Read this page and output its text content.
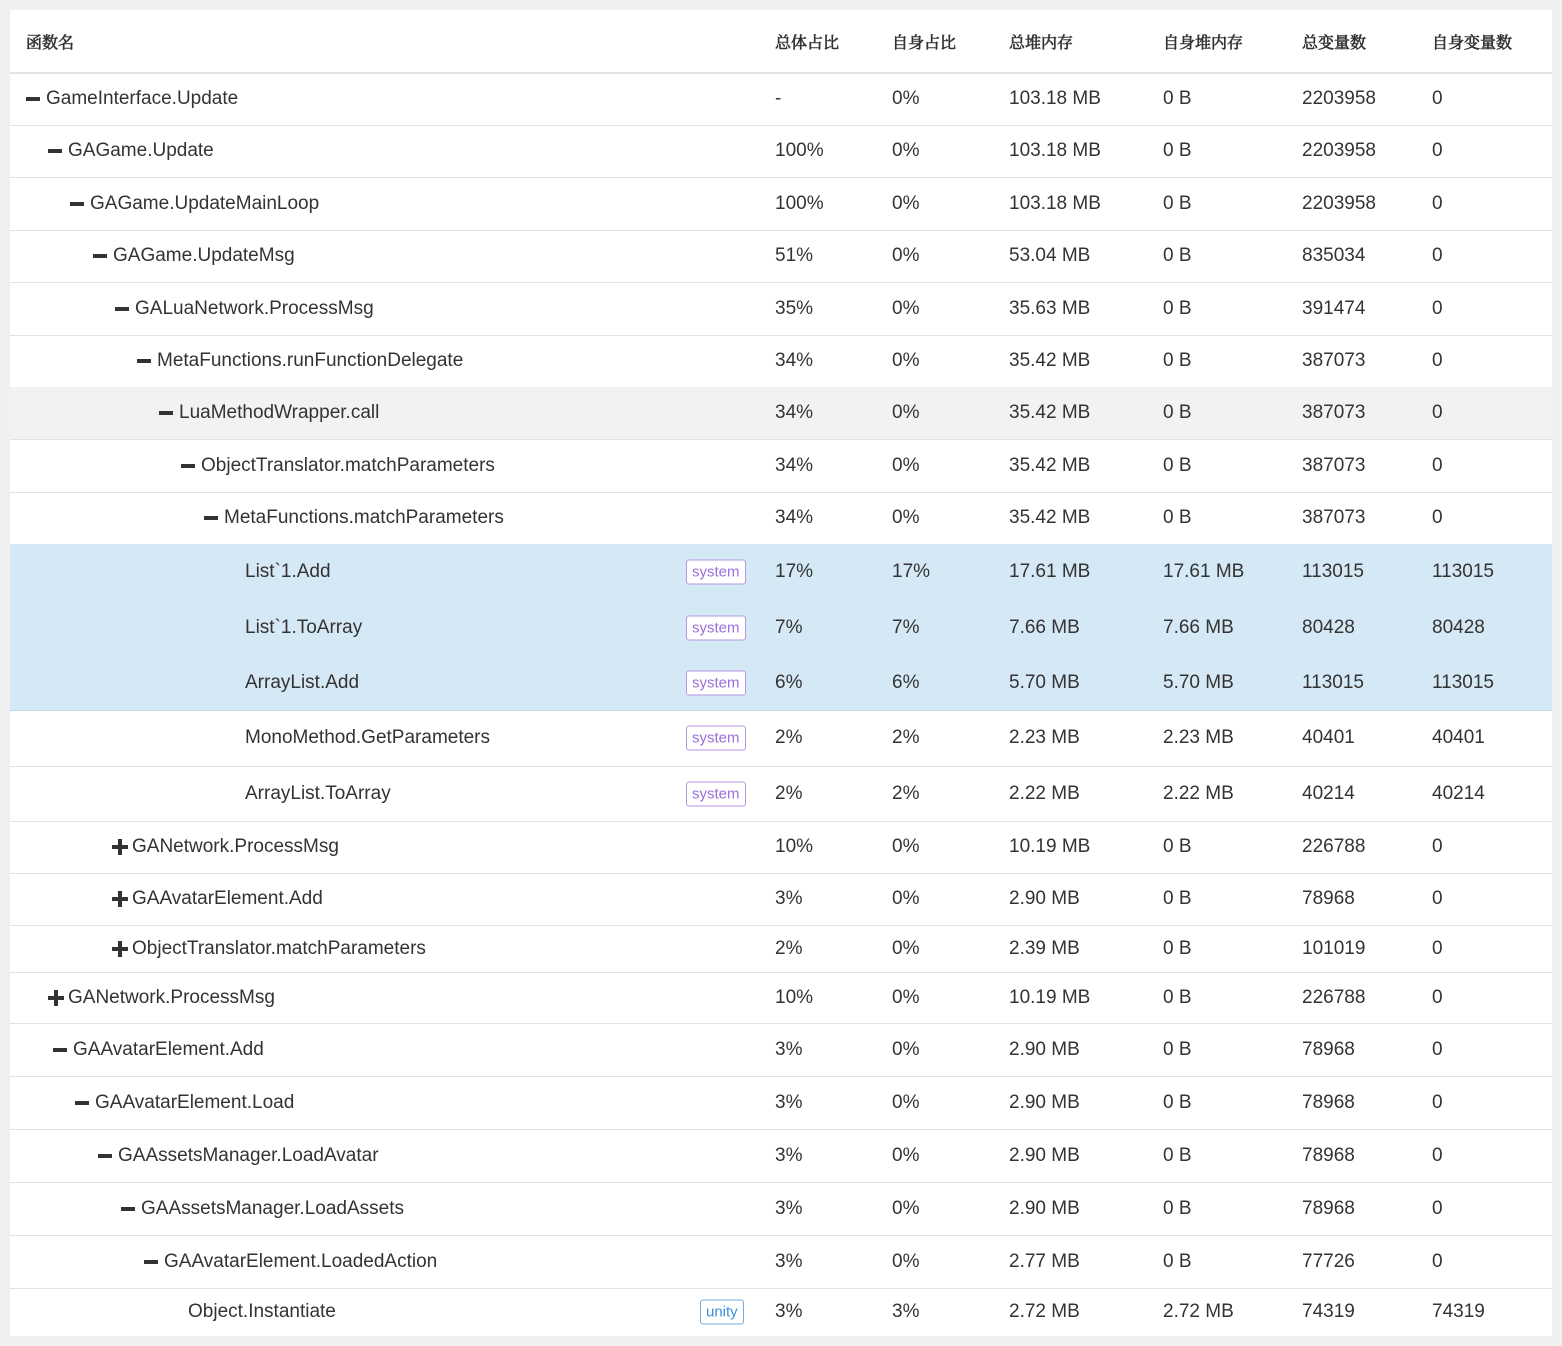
函数名	总体占比	自身占比	总堆内存	自身堆内存	总变量数	自身变量数
GameInterface.Update	-	0%	103.18 MB	0 B	2203958	0
GAGame.Update	100%	0%	103.18 MB	0 B	2203958	0
GAGame.UpdateMainLoop	100%	0%	103.18 MB	0 B	2203958	0
GAGame.UpdateMsg	51%	0%	53.04 MB	0 B	835034	0
GALuaNetwork.ProcessMsg	35%	0%	35.63 MB	0 B	391474	0
MetaFunctions.runFunctionDelegate	34%	0%	35.42 MB	0 B	387073	0
LuaMethodWrapper.call	34%	0%	35.42 MB	0 B	387073	0
ObjectTranslator.matchParameters	34%	0%	35.42 MB	0 B	387073	0
MetaFunctions.matchParameters	34%	0%	35.42 MB	0 B	387073	0
List`1.Add	system	17%	17%	17.61 MB	17.61 MB	113015	113015
List`1.ToArray	system	7%	7%	7.66 MB	7.66 MB	80428	80428
ArrayList.Add	system	6%	6%	5.70 MB	5.70 MB	113015	113015
MonoMethod.GetParameters	system	2%	2%	2.23 MB	2.23 MB	40401	40401
ArrayList.ToArray	system	2%	2%	2.22 MB	2.22 MB	40214	40214
GANetwork.ProcessMsg	10%	0%	10.19 MB	0 B	226788	0
GAAvatarElement.Add	3%	0%	2.90 MB	0 B	78968	0
ObjectTranslator.matchParameters	2%	0%	2.39 MB	0 B	101019	0
GANetwork.ProcessMsg	10%	0%	10.19 MB	0 B	226788	0
GAAvatarElement.Add	3%	0%	2.90 MB	0 B	78968	0
GAAvatarElement.Load	3%	0%	2.90 MB	0 B	78968	0
GAAssetsManager.LoadAvatar	3%	0%	2.90 MB	0 B	78968	0
GAAssetsManager.LoadAssets	3%	0%	2.90 MB	0 B	78968	0
GAAvatarElement.LoadedAction	3%	0%	2.77 MB	0 B	77726	0
Object.Instantiate	unity	3%	3%	2.72 MB	2.72 MB	74319	74319
